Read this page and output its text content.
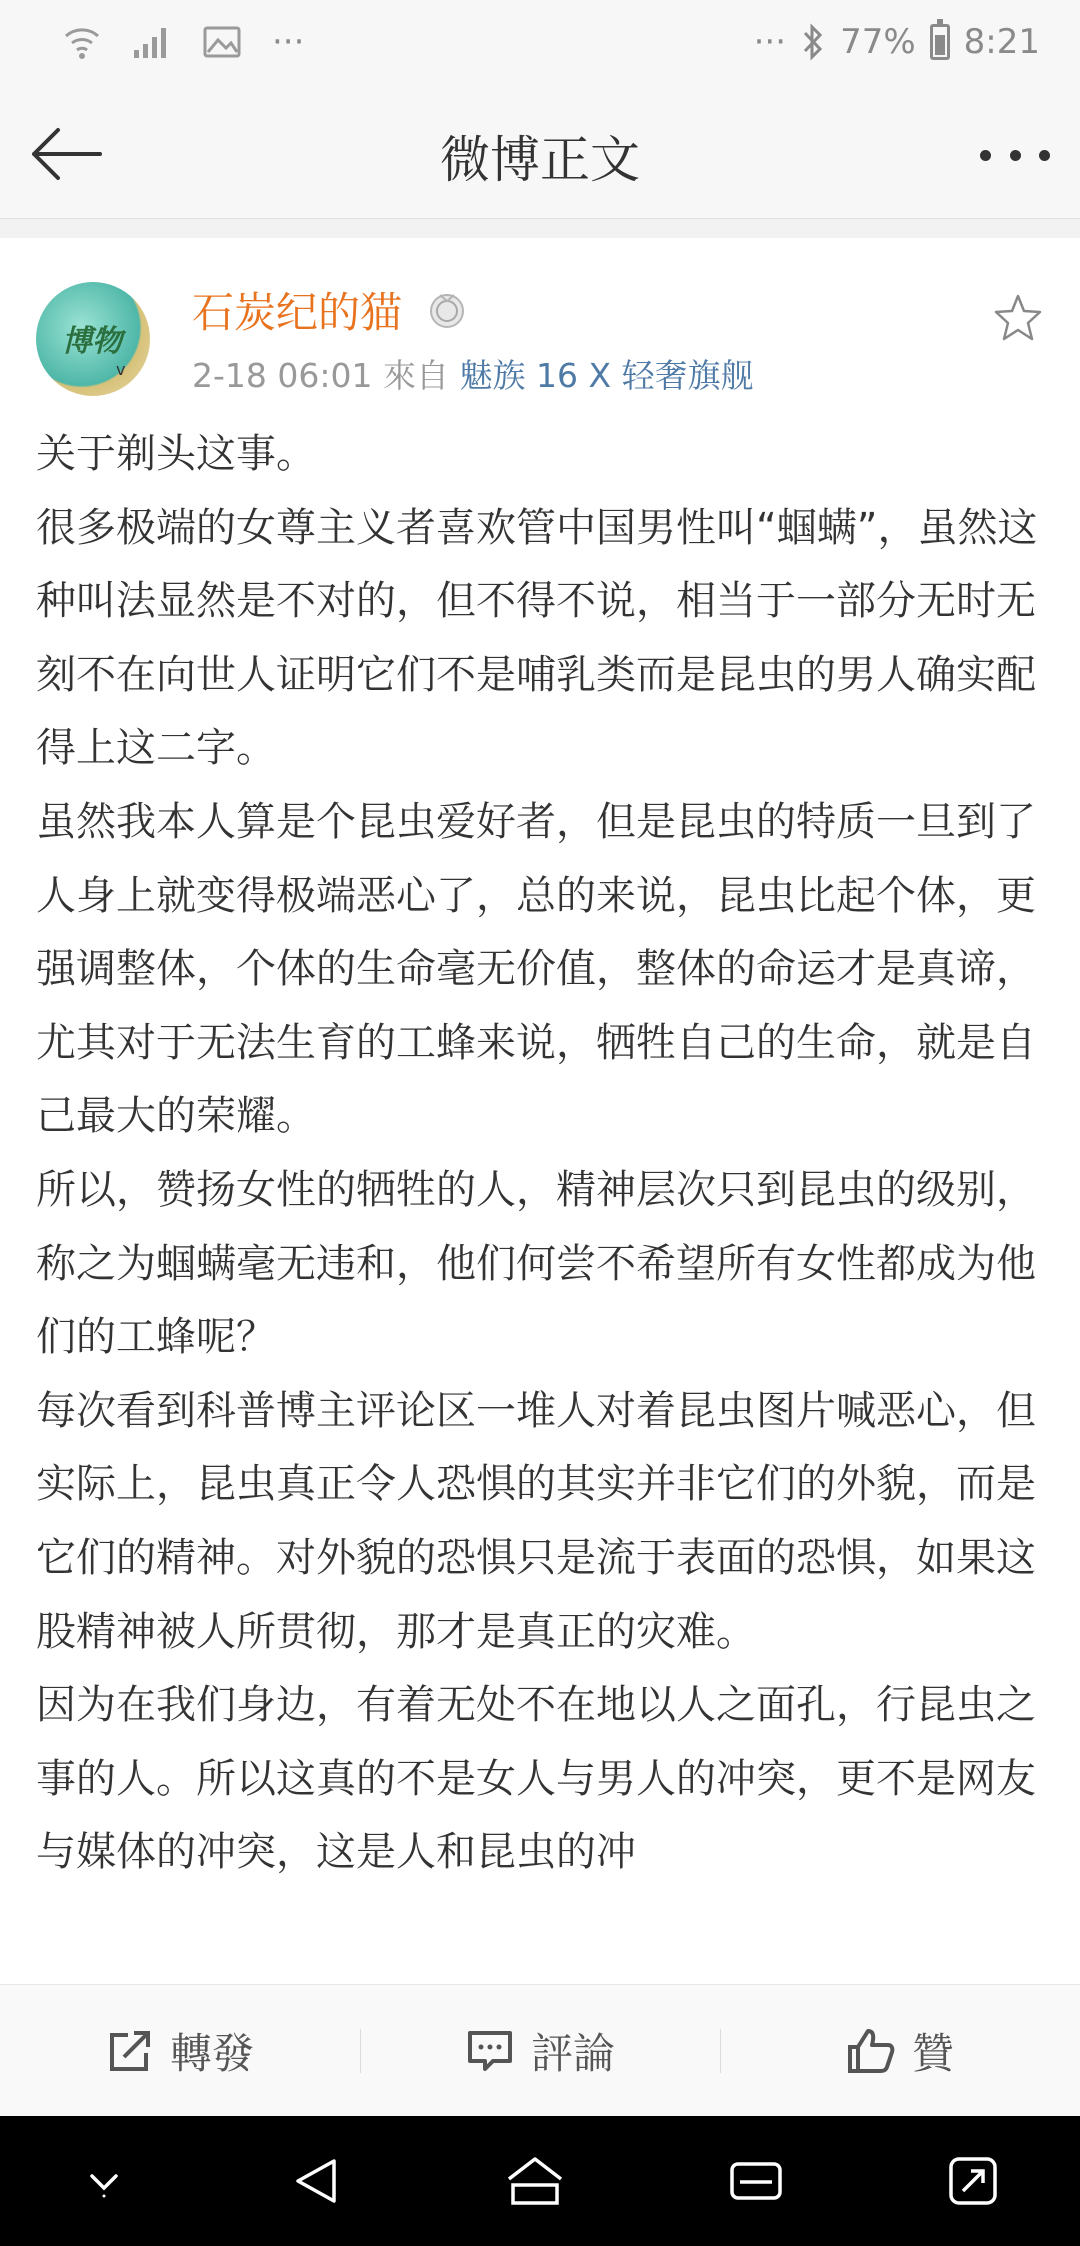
···	··· 77% 8:21
微博正文
博物
v
石炭纪的猫
2-18 06:01 來自 魅族 16 X 轻奢旗舰

关于剃头这事。

很多极端的女尊主义者喜欢管中国男性叫“蝈螨”，虽然这种叫法显然是不对的，但不得不说，相当于一部分无时无刻不在向世人证明它们不是哺乳类而是昆虫的男人确实配得上这二字。

虽然我本人算是个昆虫爱好者，但是昆虫的特质一旦到了人身上就变得极端恶心了，总的来说，昆虫比起个体，更强调整体，个体的生命毫无价值，整体的命运才是真谛，尤其对于无法生育的工蜂来说，牺牲自己的生命，就是自己最大的荣耀。

所以，赞扬女性的牺牲的人，精神层次只到昆虫的级别，称之为蝈螨毫无违和，他们何尝不希望所有女性都成为他们的工蜂呢？

每次看到科普博主评论区一堆人对着昆虫图片喊恶心，但实际上，昆虫真正令人恐惧的其实并非它们的外貌，而是它们的精神。对外貌的恐惧只是流于表面的恐惧，如果这股精神被人所贯彻，那才是真正的灾难。

因为在我们身边，有着无处不在地以人之面孔，行昆虫之事的人。所以这真的不是女人与男人的冲突，更不是网友与媒体的冲突，这是人和昆虫的冲

轉發	評論	贊
